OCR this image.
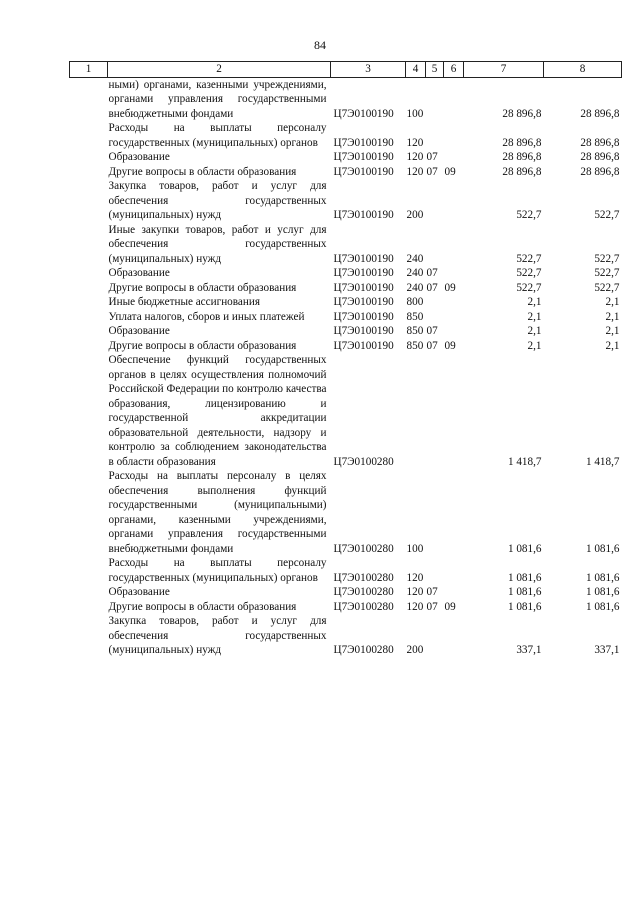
84
1	2	3	4	5	6	7	8
	ными) органами, казенными учреждениями, органами управления государственными внебюджетными фондами	Ц7Э0100190	100			28 896,8	28 896,8
	Расходы на выплаты персоналу государственных (муниципальных) органов	Ц7Э0100190	120			28 896,8	28 896,8
	Образование	Ц7Э0100190	120	07		28 896,8	28 896,8
	Другие вопросы в области образования	Ц7Э0100190	120	07	09	28 896,8	28 896,8
	Закупка товаров, работ и услуг для обеспечения государственных (муниципальных) нужд	Ц7Э0100190	200			522,7	522,7
	Иные закупки товаров, работ и услуг для обеспечения государственных (муниципальных) нужд	Ц7Э0100190	240			522,7	522,7
	Образование	Ц7Э0100190	240	07		522,7	522,7
	Другие вопросы в области образования	Ц7Э0100190	240	07	09	522,7	522,7
	Иные бюджетные ассигнования	Ц7Э0100190	800			2,1	2,1
	Уплата налогов, сборов и иных платежей	Ц7Э0100190	850			2,1	2,1
	Образование	Ц7Э0100190	850	07		2,1	2,1
	Другие вопросы в области образования	Ц7Э0100190	850	07	09	2,1	2,1
	Обеспечение функций государственных органов в целях осуществления полномочий Российской Федерации по контролю качества образования, лицензированию и государственной аккредитации образовательной деятельности, надзору и контролю за соблюдением законодательства в области образования	Ц7Э0100280				1 418,7	1 418,7
	Расходы на выплаты персоналу в целях обеспечения выполнения функций государственными (муниципальными) органами, казенными учреждениями, органами управления государственными внебюджетными фондами	Ц7Э0100280	100			1 081,6	1 081,6
	Расходы на выплаты персоналу государственных (муниципальных) органов	Ц7Э0100280	120			1 081,6	1 081,6
	Образование	Ц7Э0100280	120	07		1 081,6	1 081,6
	Другие вопросы в области образования	Ц7Э0100280	120	07	09	1 081,6	1 081,6
	Закупка товаров, работ и услуг для обеспечения государственных (муниципальных) нужд	Ц7Э0100280	200			337,1	337,1
